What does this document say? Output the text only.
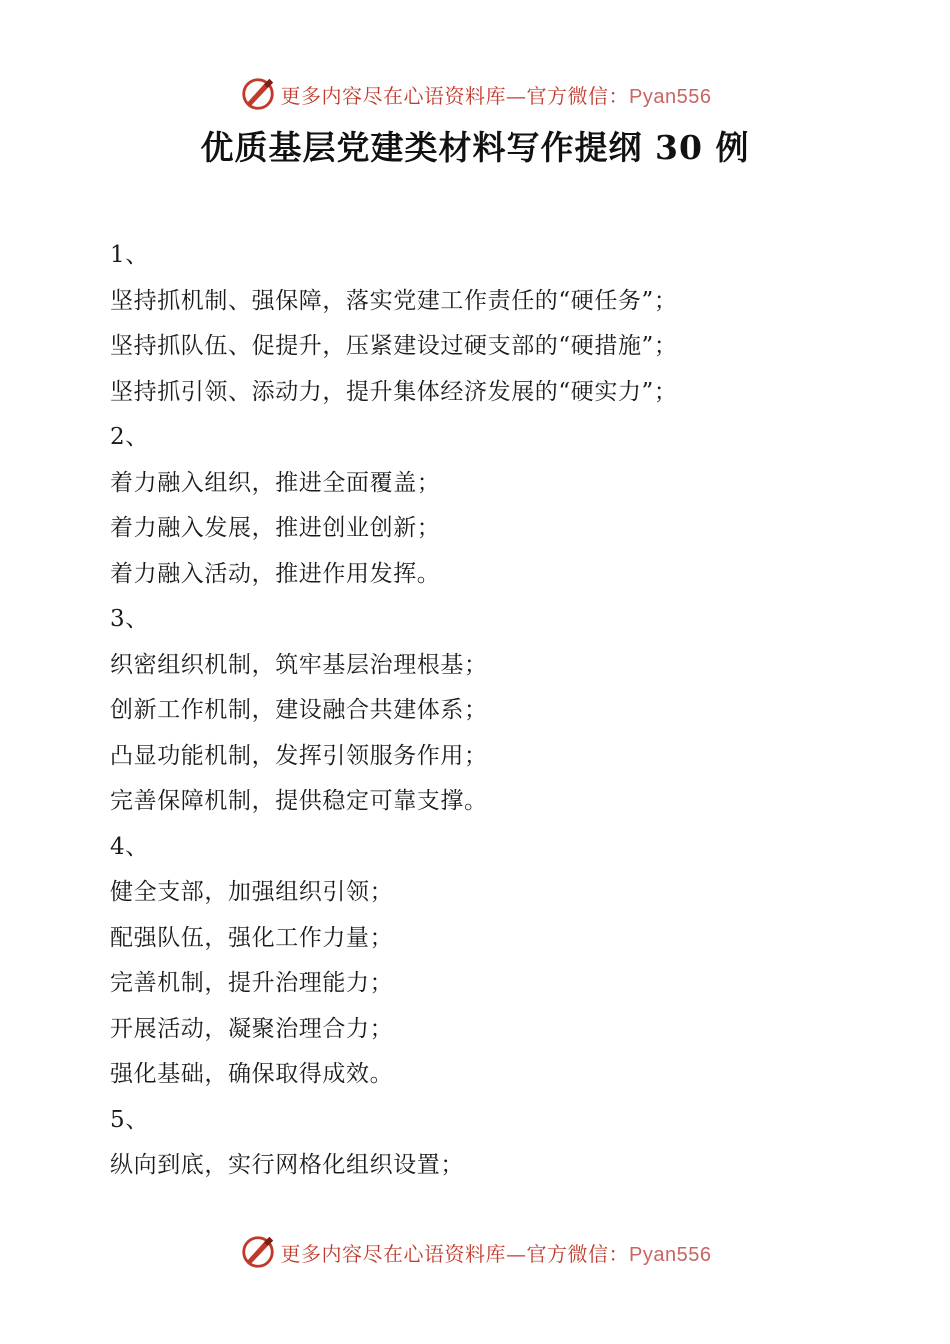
更多内容尽在心语资料库—官方微信：Pyan556
优质基层党建类材料写作提纲 30 例
1、
坚持抓机制、强保障，落实党建工作责任的“硬任务”；
坚持抓队伍、促提升，压紧建设过硬支部的“硬措施”；
坚持抓引领、添动力，提升集体经济发展的“硬实力”；
2、
着力融入组织，推进全面覆盖；
着力融入发展，推进创业创新；
着力融入活动，推进作用发挥。
3、
织密组织机制，筑牢基层治理根基；
创新工作机制，建设融合共建体系；
凸显功能机制，发挥引领服务作用；
完善保障机制，提供稳定可靠支撑。
4、
健全支部，加强组织引领；
配强队伍，强化工作力量；
完善机制，提升治理能力；
开展活动，凝聚治理合力；
强化基础，确保取得成效。
5、
纵向到底，实行网格化组织设置；
更多内容尽在心语资料库—官方微信：Pyan556
